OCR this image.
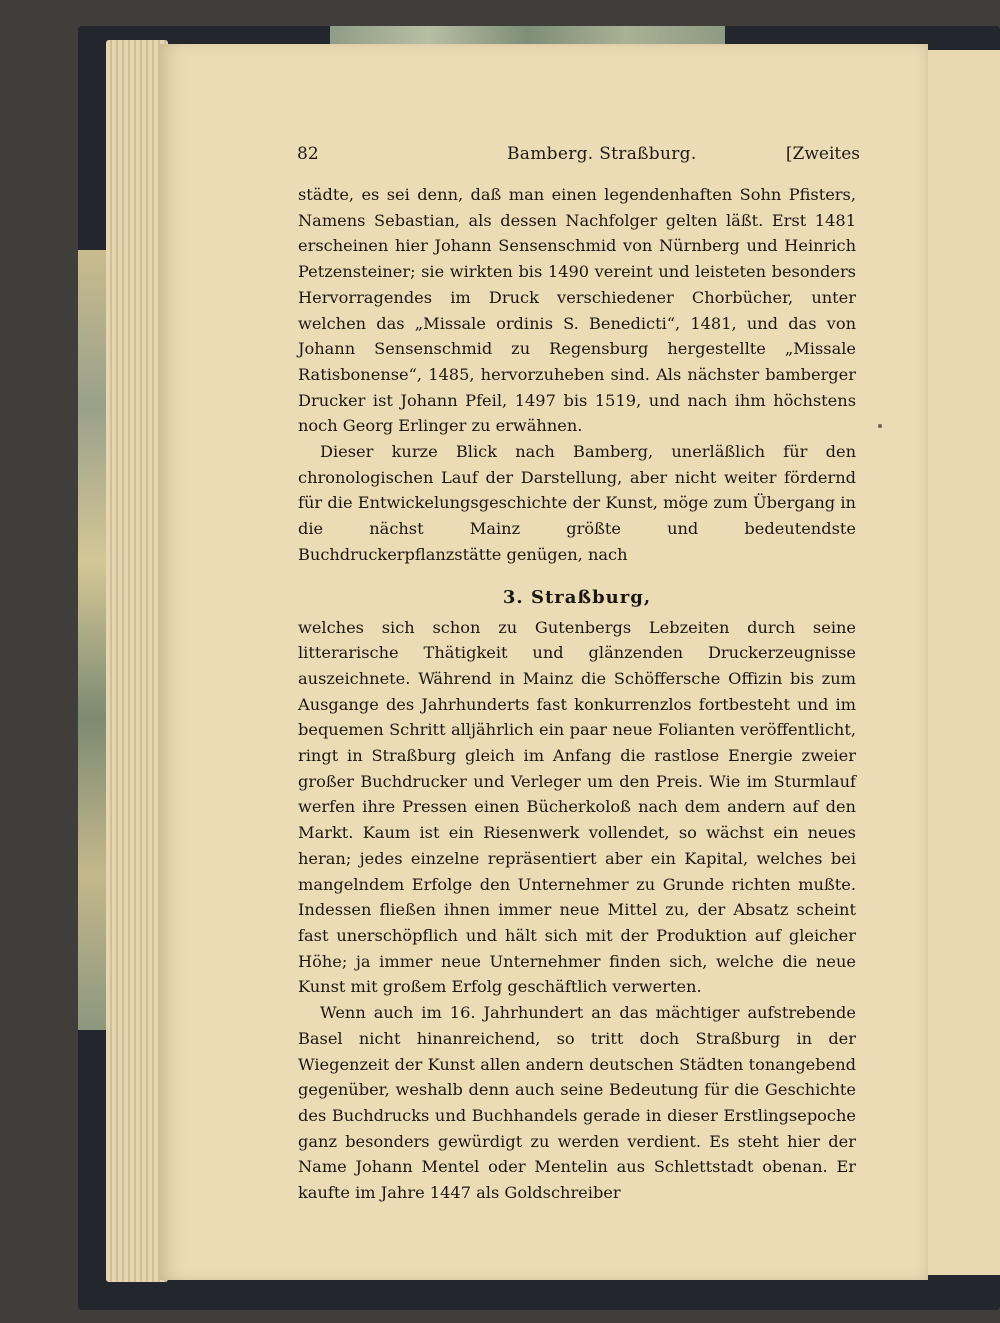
82	Bamberg. Straßburg.	[Zweites

städte, es sei denn, daß man einen legendenhaften Sohn Pfisters, Namens Sebastian, als dessen Nachfolger gelten läßt. Erst 1481 erscheinen hier Johann Sensenschmid von Nürnberg und Heinrich Petzensteiner; sie wirkten bis 1490 vereint und leisteten besonders Hervorragendes im Druck verschiedener Chorbücher, unter welchen das „Missale ordinis S. Benedicti“, 1481, und das von Johann Sensenschmid zu Regensburg hergestellte „Missale Ratisbonense“, 1485, hervorzuheben sind. Als nächster bamberger Drucker ist Johann Pfeil, 1497 bis 1519, und nach ihm höchstens noch Georg Erlinger zu erwähnen.

Dieser kurze Blick nach Bamberg, unerläßlich für den chronologischen Lauf der Darstellung, aber nicht weiter fördernd für die Entwickelungsgeschichte der Kunst, möge zum Übergang in die nächst Mainz größte und bedeutendste Buchdruckerpflanzstätte genügen, nach

3. Straßburg,

welches sich schon zu Gutenbergs Lebzeiten durch seine litterarische Thätigkeit und glänzenden Druckerzeugnisse auszeichnete. Während in Mainz die Schöffersche Offizin bis zum Ausgange des Jahrhunderts fast konkurrenzlos fortbesteht und im bequemen Schritt alljährlich ein paar neue Folianten veröffentlicht, ringt in Straßburg gleich im Anfang die rastlose Energie zweier großer Buchdrucker und Verleger um den Preis. Wie im Sturmlauf werfen ihre Pressen einen Bücherkoloß nach dem andern auf den Markt. Kaum ist ein Riesenwerk vollendet, so wächst ein neues heran; jedes einzelne repräsentiert aber ein Kapital, welches bei mangelndem Erfolge den Unternehmer zu Grunde richten mußte. Indessen fließen ihnen immer neue Mittel zu, der Absatz scheint fast unerschöpflich und hält sich mit der Produktion auf gleicher Höhe; ja immer neue Unternehmer finden sich, welche die neue Kunst mit großem Erfolg geschäftlich verwerten.

Wenn auch im 16. Jahrhundert an das mächtiger aufstrebende Basel nicht hinanreichend, so tritt doch Straßburg in der Wiegenzeit der Kunst allen andern deutschen Städten tonangebend gegenüber, weshalb denn auch seine Bedeutung für die Geschichte des Buchdrucks und Buchhandels gerade in dieser Erstlingsepoche ganz besonders gewürdigt zu werden verdient. Es steht hier der Name Johann Mentel oder Mentelin aus Schlettstadt obenan. Er kaufte im Jahre 1447 als Goldschreiber
